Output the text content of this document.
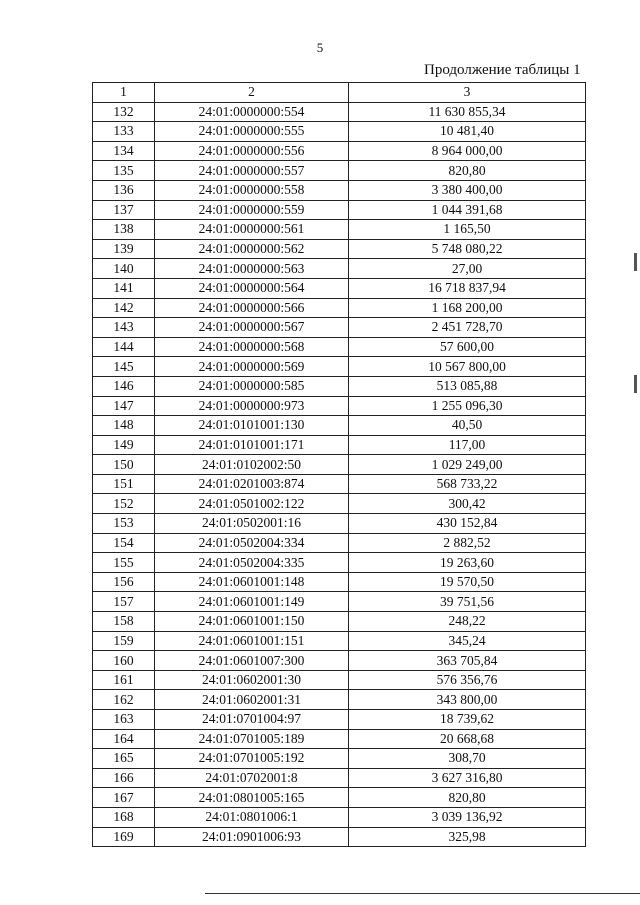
5
Продолжение таблицы 1
1	2	3
132	24:01:0000000:554	11 630 855,34
133	24:01:0000000:555	10 481,40
134	24:01:0000000:556	8 964 000,00
135	24:01:0000000:557	820,80
136	24:01:0000000:558	3 380 400,00
137	24:01:0000000:559	1 044 391,68
138	24:01:0000000:561	1 165,50
139	24:01:0000000:562	5 748 080,22
140	24:01:0000000:563	27,00
141	24:01:0000000:564	16 718 837,94
142	24:01:0000000:566	1 168 200,00
143	24:01:0000000:567	2 451 728,70
144	24:01:0000000:568	57 600,00
145	24:01:0000000:569	10 567 800,00
146	24:01:0000000:585	513 085,88
147	24:01:0000000:973	1 255 096,30
148	24:01:0101001:130	40,50
149	24:01:0101001:171	117,00
150	24:01:0102002:50	1 029 249,00
151	24:01:0201003:874	568 733,22
152	24:01:0501002:122	300,42
153	24:01:0502001:16	430 152,84
154	24:01:0502004:334	2 882,52
155	24:01:0502004:335	19 263,60
156	24:01:0601001:148	19 570,50
157	24:01:0601001:149	39 751,56
158	24:01:0601001:150	248,22
159	24:01:0601001:151	345,24
160	24:01:0601007:300	363 705,84
161	24:01:0602001:30	576 356,76
162	24:01:0602001:31	343 800,00
163	24:01:0701004:97	18 739,62
164	24:01:0701005:189	20 668,68
165	24:01:0701005:192	308,70
166	24:01:0702001:8	3 627 316,80
167	24:01:0801005:165	820,80
168	24:01:0801006:1	3 039 136,92
169	24:01:0901006:93	325,98
